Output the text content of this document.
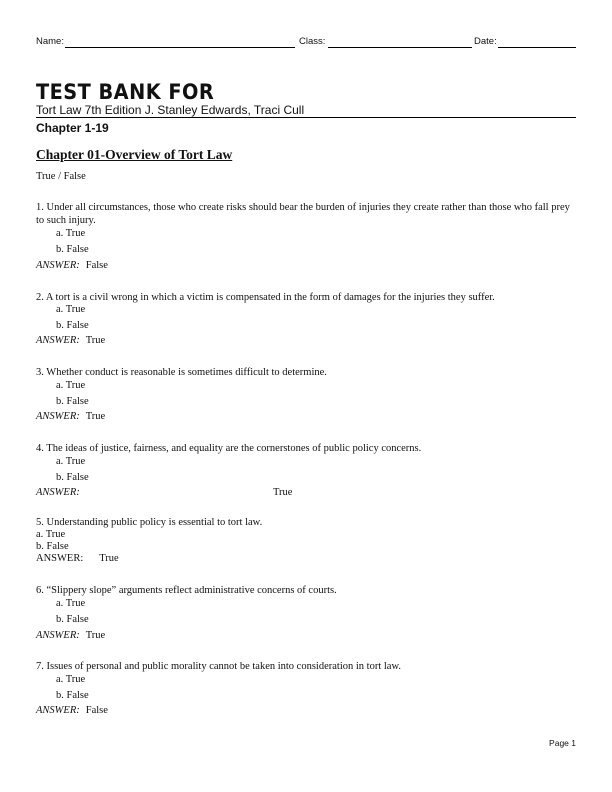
Name:	Class:	Date:
TEST BANK FOR
Tort Law 7th Edition J. Stanley Edwards, Traci Cull
Chapter 1-19
Chapter 01-Overview of Tort Law
True / False
1. Under all circumstances, those who create risks should bear the burden of injuries they create rather than those who fall prey to such injury.
a. True
b. False
ANSWER: False
2. A tort is a civil wrong in which a victim is compensated in the form of damages for the injuries they suffer.
a. True
b. False
ANSWER: True
3. Whether conduct is reasonable is sometimes difficult to determine.
a. True
b. False
ANSWER: True
4. The ideas of justice, fairness, and equality are the cornerstones of public policy concerns.
a. True
b. False
ANSWER:	True
5. Understanding public policy is essential to tort law.
a. True
b. False
ANSWER: True
6. “Slippery slope” arguments reflect administrative concerns of courts.
a. True
b. False
ANSWER: True
7. Issues of personal and public morality cannot be taken into consideration in tort law.
a. True
b. False
ANSWER: False
Page 1
